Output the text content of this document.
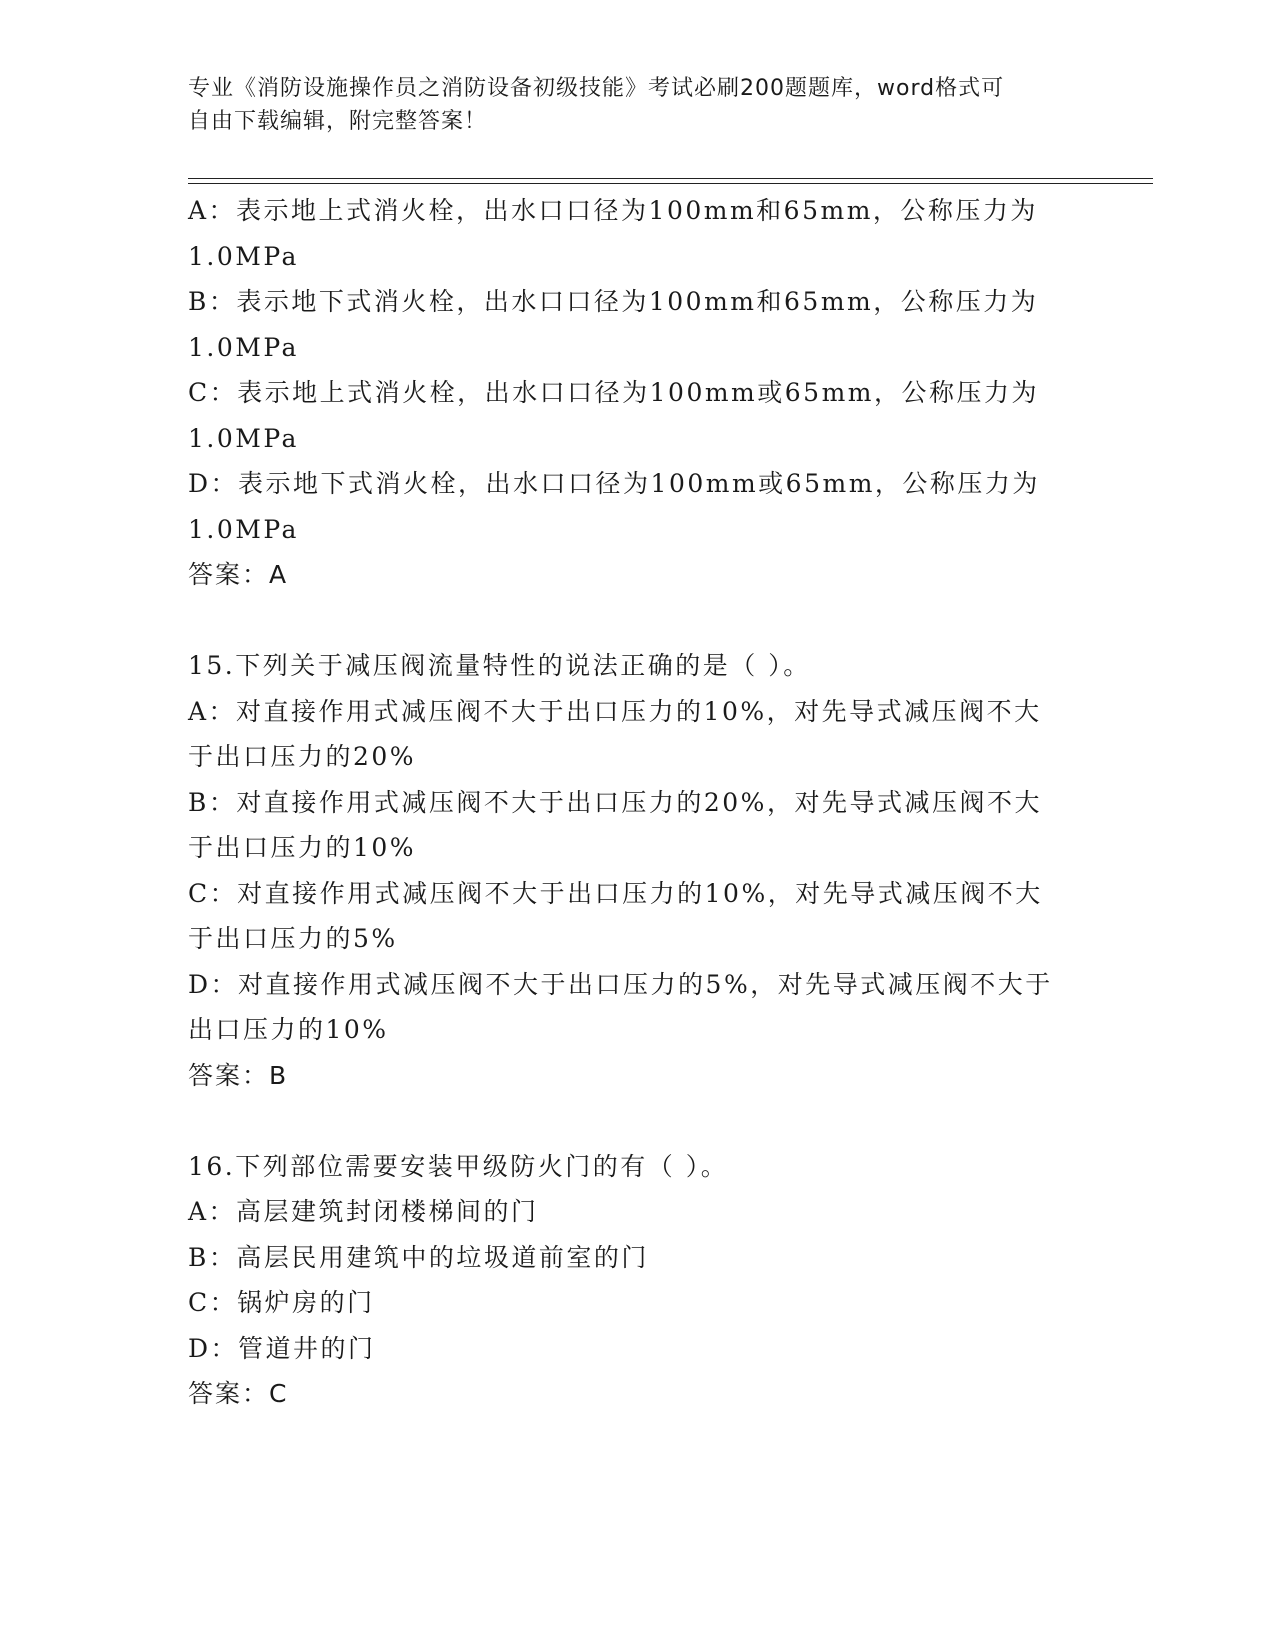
专业《消防设施操作员之消防设备初级技能》考试必刷200题题库，word格式可

自由下载编辑，附完整答案！

A：表示地上式消火栓，出水口口径为100mm和65mm，公称压力为
1.0MPa
B：表示地下式消火栓，出水口口径为100mm和65mm，公称压力为
1.0MPa
C：表示地上式消火栓，出水口口径为100mm或65mm，公称压力为
1.0MPa
D：表示地下式消火栓，出水口口径为100mm或65mm，公称压力为
1.0MPa
答案：A
15.下列关于减压阀流量特性的说法正确的是（ ）。
A：对直接作用式减压阀不大于出口压力的10%，对先导式减压阀不大
于出口压力的20%
B：对直接作用式减压阀不大于出口压力的20%，对先导式减压阀不大
于出口压力的10%
C：对直接作用式减压阀不大于出口压力的10%，对先导式减压阀不大
于出口压力的5%
D：对直接作用式减压阀不大于出口压力的5%，对先导式减压阀不大于
出口压力的10%
答案：B
16.下列部位需要安装甲级防火门的有（ ）。
A：高层建筑封闭楼梯间的门
B：高层民用建筑中的垃圾道前室的门
C：锅炉房的门
D：管道井的门
答案：C
